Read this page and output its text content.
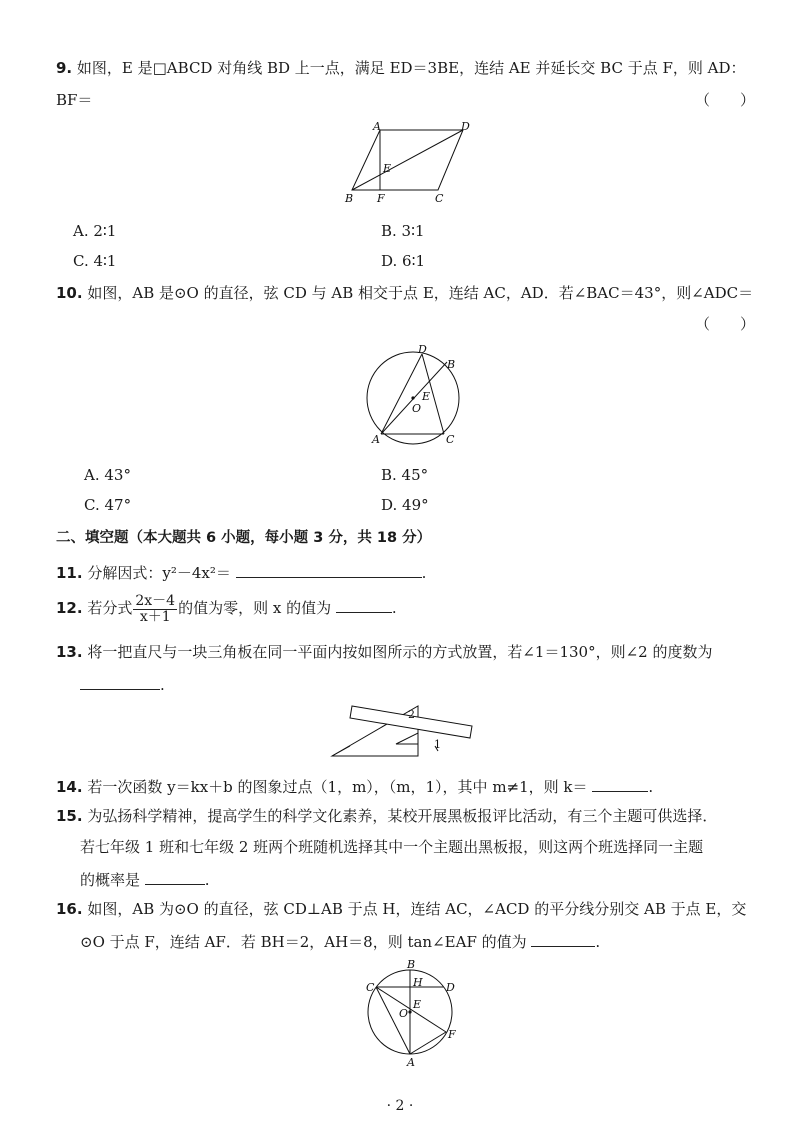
9. 如图，E 是□ABCD 对角线 BD 上一点，满足 ED＝3BE，连结 AE 并延长交 BC 于点 F，则 AD：
BF＝	（　　）
A	D
E
B F	C
A. 2∶1	B. 3∶1
C. 4∶1	D. 6∶1
10. 如图，AB 是⊙O 的直径，弦 CD 与 AB 相交于点 E，连结 AC，AD．若∠BAC＝43°，则∠ADC＝
（　　）
D
B
E
O
A	C
A. 43°	B. 45°
C. 47°	D. 49°
二、填空题（本大题共 6 小题，每小题 3 分，共 18 分）
11. 分解因式：y²－4x²＝	.
12. 若分式 $\frac{2x-4}{x+1}$ 的值为零，则 x 的值为	.
13. 将一把直尺与一块三角板在同一平面内按如图所示的方式放置，若∠1＝130°，则∠2 的度数为
.
2
1
14. 若一次函数 y＝kx＋b 的图象过点（1，m），（m，1），其中 m≠1，则 k＝	.
15. 为弘扬科学精神，提高学生的科学文化素养，某校开展黑板报评比活动，有三个主题可供选择．
若七年级 1 班和七年级 2 班两个班随机选择其中一个主题出黑板报，则这两个班选择同一主题
的概率是	.
16. 如图，AB 为⊙O 的直径，弦 CD⊥AB 于点 H，连结 AC，∠ACD 的平分线分别交 AB 于点 E，交
⊙O 于点 F，连结 AF．若 BH＝2，AH＝8，则 tan∠EAF 的值为	.
B
C	H D
E
O
F
A
· 2 ·
